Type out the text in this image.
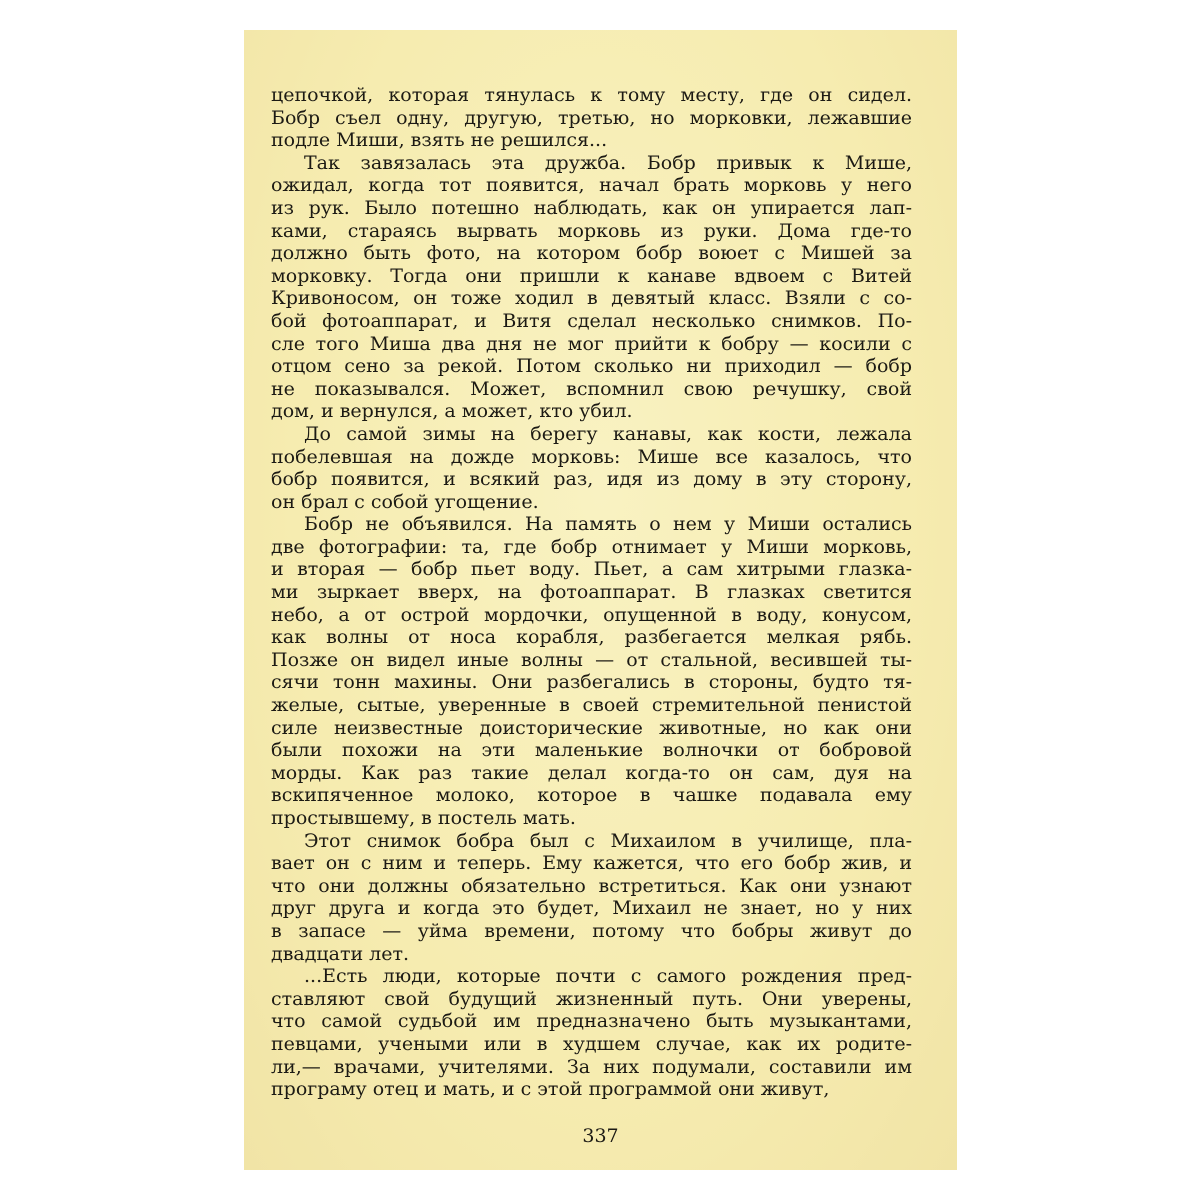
цепочкой, которая тянулась к тому месту, где он сидел.
Бобр съел одну, другую, третью, но морковки, лежавшие
подле Миши, взять не решился...
Так завязалась эта дружба. Бобр привык к Мише,
ожидал, когда тот появится, начал брать морковь у него
из рук. Было потешно наблюдать, как он упирается лап-
ками, стараясь вырвать морковь из руки. Дома где-то
должно быть фото, на котором бобр воюет с Мишей за
морковку. Тогда они пришли к канаве вдвоем с Витей
Кривоносом, он тоже ходил в девятый класс. Взяли с со-
бой фотоаппарат, и Витя сделал несколько снимков. По-
сле того Миша два дня не мог прийти к бобру — косили с
отцом сено за рекой. Потом сколько ни приходил — бобр
не показывался. Может, вспомнил свою речушку, свой
дом, и вернулся, а может, кто убил.
До самой зимы на берегу канавы, как кости, лежала
побелевшая на дожде морковь: Мише все казалось, что
бобр появится, и всякий раз, идя из дому в эту сторону,
он брал с собой угощение.
Бобр не объявился. На память о нем у Миши остались
две фотографии: та, где бобр отнимает у Миши морковь,
и вторая — бобр пьет воду. Пьет, а сам хитрыми глазка-
ми зыркает вверх, на фотоаппарат. В глазках светится
небо, а от острой мордочки, опущенной в воду, конусом,
как волны от носа корабля, разбегается мелкая рябь.
Позже он видел иные волны — от стальной, весившей ты-
сячи тонн махины. Они разбегались в стороны, будто тя-
желые, сытые, уверенные в своей стремительной пенистой
силе неизвестные доисторические животные, но как они
были похожи на эти маленькие волночки от бобровой
морды. Как раз такие делал когда-то он сам, дуя на
вскипяченное молоко, которое в чашке подавала ему
простывшему, в постель мать.
Этот снимок бобра был с Михаилом в училище, пла-
вает он с ним и теперь. Ему кажется, что его бобр жив, и
что они должны обязательно встретиться. Как они узнают
друг друга и когда это будет, Михаил не знает, но у них
в запасе — уйма времени, потому что бобры живут до
двадцати лет.
...Есть люди, которые почти с самого рождения пред-
ставляют свой будущий жизненный путь. Они уверены,
что самой судьбой им предназначено быть музыкантами,
певцами, учеными или в худшем случае, как их родите-
ли,— врачами, учителями. За них подумали, составили им
програму отец и мать, и с этой программой они живут,
337
